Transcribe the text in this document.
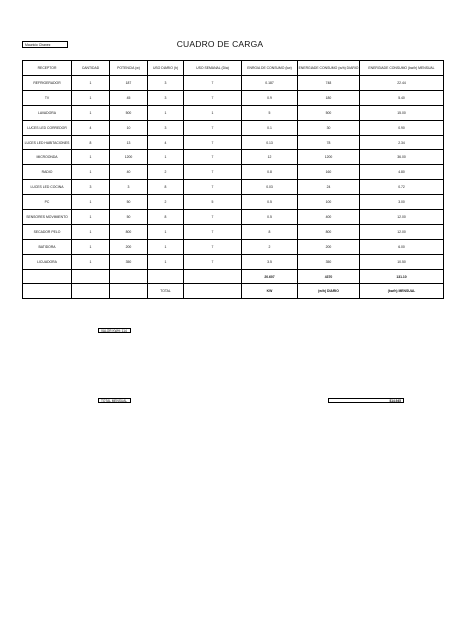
Mauricio Chanez	CUADRO DE CARGA
RECEPTOR	CANTIDAD	POTENCIA (w)	USO DIARIO (h)	USO SEMANAL (Dia)	ENRGIA DE CONSUMO (kw)	ENERGIADE CONSUMO (w/h) DIARIO	ENERGIADE CONSUMO (kw/h) MENSUAL
REFRIGERADOR	1	187	3	7	0.187	748	22.44
TV	1	45	3	7	0.9	180	5.40
LAVADORA	1	500	1	1	5	500	15.00
LUCES LED CORREDOR	4	10	3	7	0.1	30	0.90
LUCES LED HABITACIONES	8	13	4	7	0.13	78	2.34
MICROONDA	1	1200	1	7	12	1200	36.00
RADIO	1	40	2	7	0.8	160	4.80
LUCES LED COCINA	3	3	8	7	0.03	24	0.72
PC	1	50	2	5	0.5	100	3.00
SENSORES MOVIMIENTO	1	50	8	7	0.5	400	12.00
SECADOR PELO	1	800	1	7	8	800	12.00
BATIDORA	1	200	1	7	2	200	6.00
LICUADORA	1	350	1	7	3.5	350	10.50
					20.607	4370	131.10
			TOTAL		KW	(w/h) DIARIO	(kw/h) MENSUAL
VALOR KWH: 114
TOTAL MENSUAL	$14,945
